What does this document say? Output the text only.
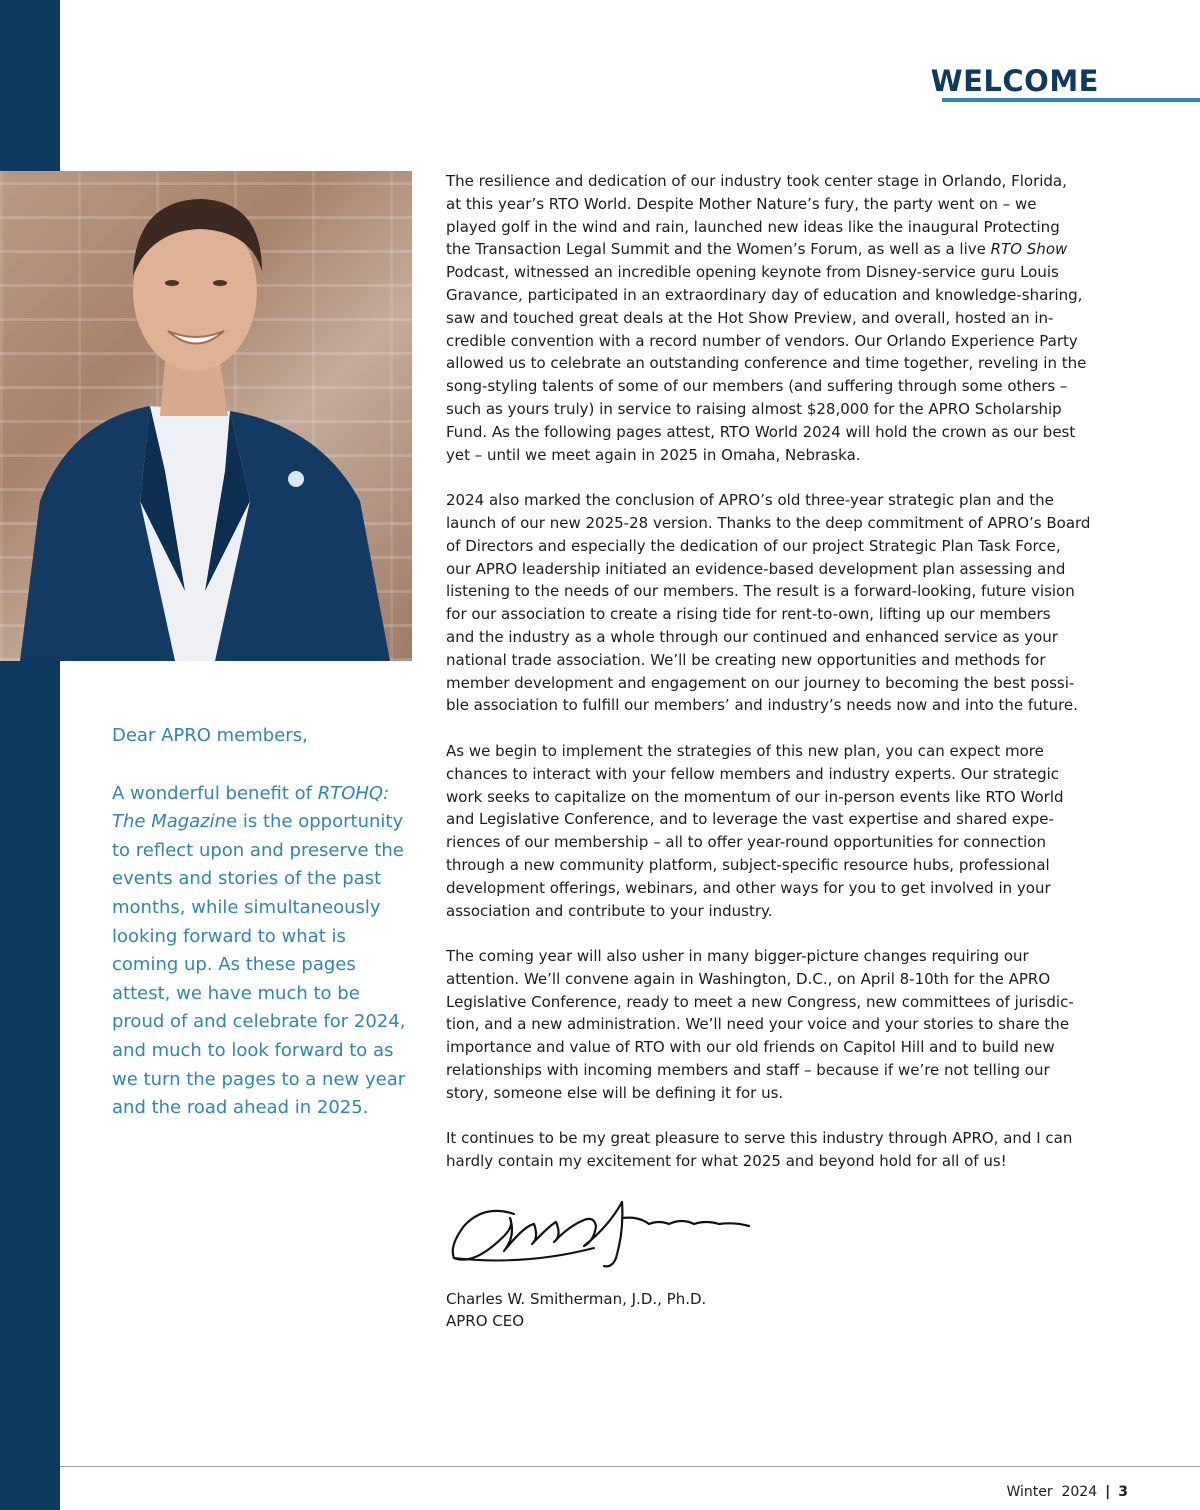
WELCOME

Dear APRO members,

A wonderful benefit of RTOHQ: The Magazine is the opportunity to reflect upon and preserve the events and stories of the past months, while simultaneously looking forward to what is coming up. As these pages attest, we have much to be proud of and celebrate for 2024, and much to look forward to as we turn the pages to a new year and the road ahead in 2025.

The resilience and dedication of our industry took center stage in Orlando, Florida,
at this year’s RTO World. Despite Mother Nature’s fury, the party went on – we
played golf in the wind and rain, launched new ideas like the inaugural Protecting
the Transaction Legal Summit and the Women’s Forum, as well as a live RTO Show
Podcast, witnessed an incredible opening keynote from Disney-service guru Louis
Gravance, participated in an extraordinary day of education and knowledge-sharing,
saw and touched great deals at the Hot Show Preview, and overall, hosted an in-
credible convention with a record number of vendors. Our Orlando Experience Party
allowed us to celebrate an outstanding conference and time together, reveling in the
song-styling talents of some of our members (and suffering through some others –
such as yours truly) in service to raising almost $28,000 for the APRO Scholarship
Fund. As the following pages attest, RTO World 2024 will hold the crown as our best
yet – until we meet again in 2025 in Omaha, Nebraska.

2024 also marked the conclusion of APRO’s old three-year strategic plan and the
launch of our new 2025-28 version. Thanks to the deep commitment of APRO’s Board
of Directors and especially the dedication of our project Strategic Plan Task Force,
our APRO leadership initiated an evidence-based development plan assessing and
listening to the needs of our members. The result is a forward-looking, future vision
for our association to create a rising tide for rent-to-own, lifting up our members
and the industry as a whole through our continued and enhanced service as your
national trade association. We’ll be creating new opportunities and methods for
member development and engagement on our journey to becoming the best possi-
ble association to fulfill our members’ and industry’s needs now and into the future.

As we begin to implement the strategies of this new plan, you can expect more
chances to interact with your fellow members and industry experts. Our strategic
work seeks to capitalize on the momentum of our in-person events like RTO World
and Legislative Conference, and to leverage the vast expertise and shared expe-
riences of our membership – all to offer year-round opportunities for connection
through a new community platform, subject-specific resource hubs, professional
development offerings, webinars, and other ways for you to get involved in your
association and contribute to your industry.

The coming year will also usher in many bigger-picture changes requiring our
attention. We’ll convene again in Washington, D.C., on April 8-10th for the APRO
Legislative Conference, ready to meet a new Congress, new committees of jurisdic-
tion, and a new administration. We’ll need your voice and your stories to share the
importance and value of RTO with our old friends on Capitol Hill and to build new
relationships with incoming members and staff – because if we’re not telling our
story, someone else will be defining it for us.

It continues to be my great pleasure to serve this industry through APRO, and I can
hardly contain my excitement for what 2025 and beyond hold for all of us!

Charles W. Smitherman, J.D., Ph.D.
APRO CEO
Winter  2024 | 3
